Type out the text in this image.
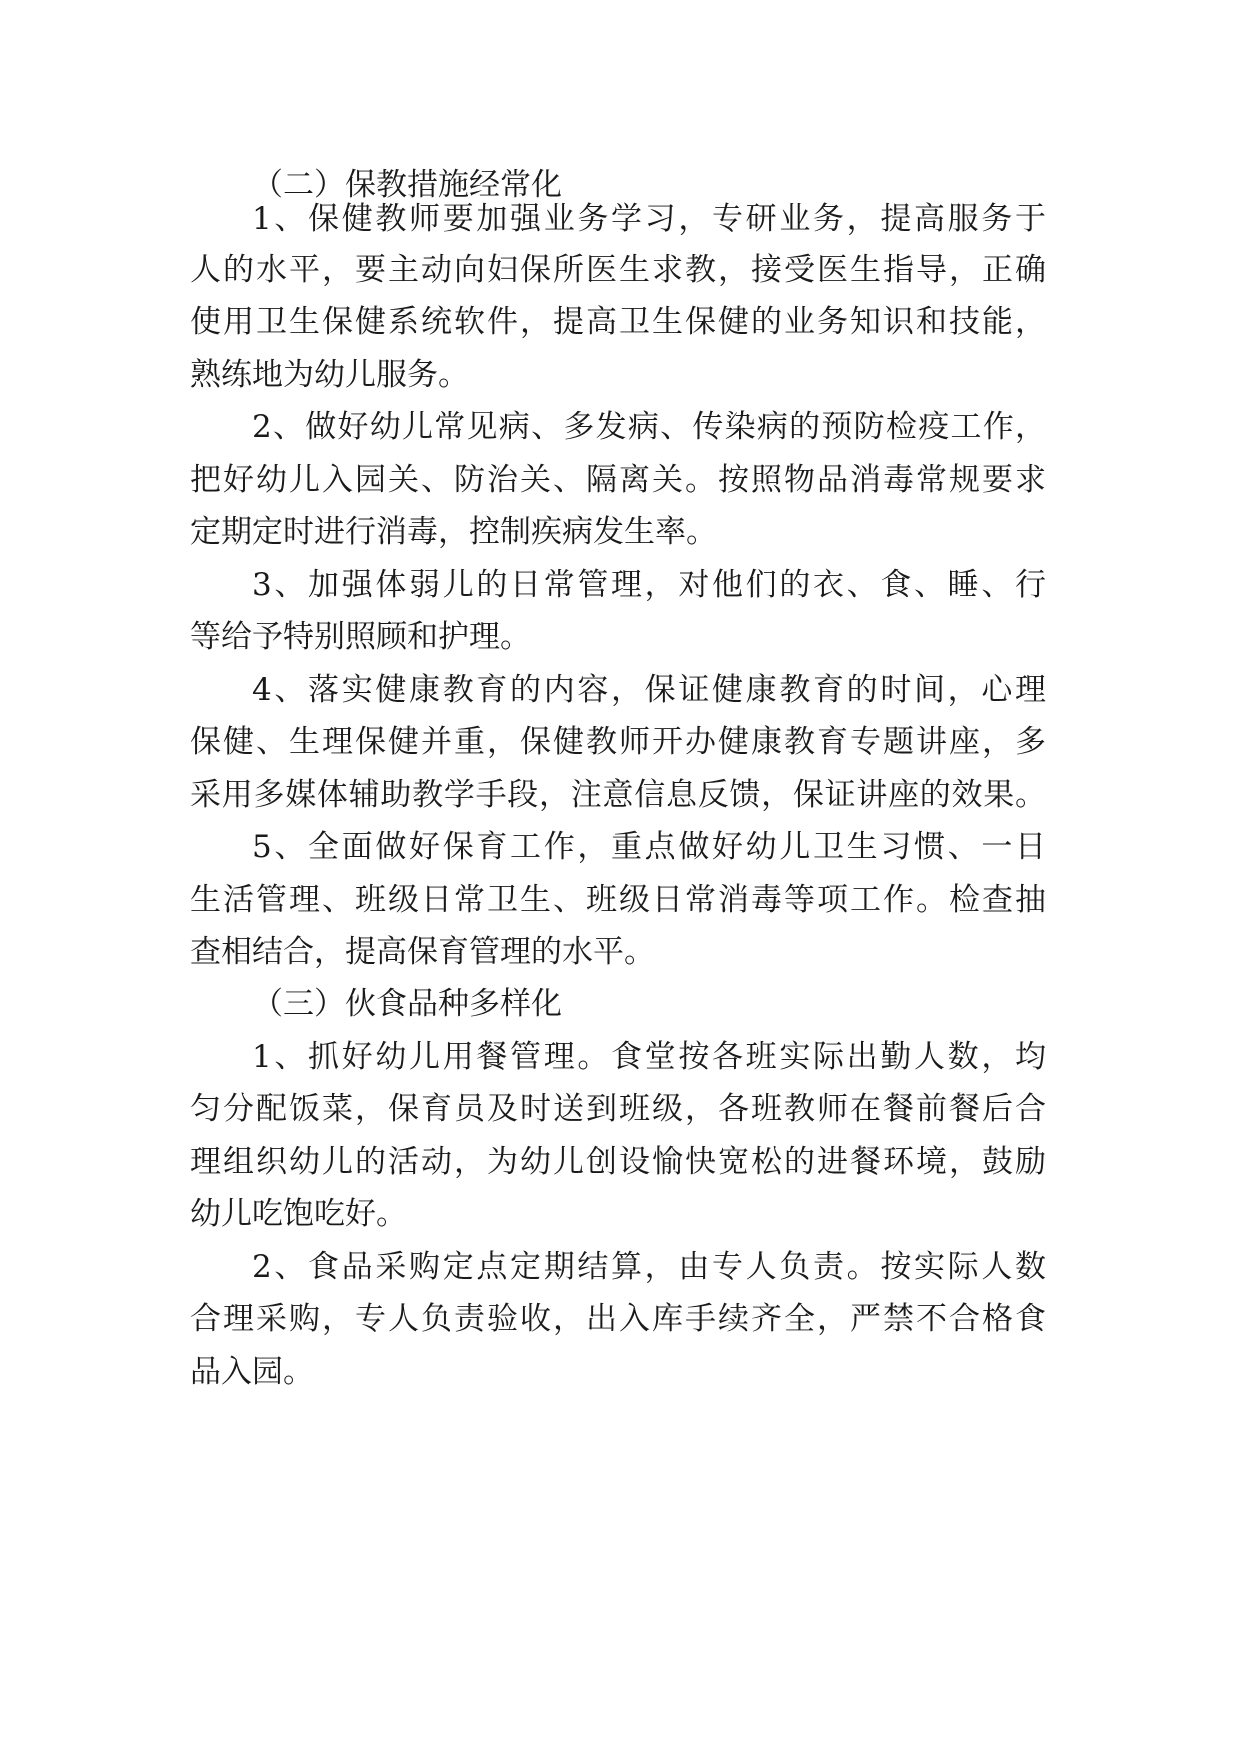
（二）保教措施经常化

1、保健教师要加强业务学习，专研业务，提高服务于

人的水平，要主动向妇保所医生求教，接受医生指导，正确

使用卫生保健系统软件，提高卫生保健的业务知识和技能，

熟练地为幼儿服务。

2、做好幼儿常见病、多发病、传染病的预防检疫工作，

把好幼儿入园关、防治关、隔离关。按照物品消毒常规要求

定期定时进行消毒，控制疾病发生率。

3、加强体弱儿的日常管理，对他们的衣、食、睡、行

等给予特别照顾和护理。

4、落实健康教育的内容，保证健康教育的时间，心理

保健、生理保健并重，保健教师开办健康教育专题讲座，多

采用多媒体辅助教学手段，注意信息反馈，保证讲座的效果。

5、全面做好保育工作，重点做好幼儿卫生习惯、一日

生活管理、班级日常卫生、班级日常消毒等项工作。检查抽

查相结合，提高保育管理的水平。

（三）伙食品种多样化

1、抓好幼儿用餐管理。食堂按各班实际出勤人数，均

匀分配饭菜，保育员及时送到班级，各班教师在餐前餐后合

理组织幼儿的活动，为幼儿创设愉快宽松的进餐环境，鼓励

幼儿吃饱吃好。

2、食品采购定点定期结算，由专人负责。按实际人数

合理采购，专人负责验收，出入库手续齐全，严禁不合格食

品入园。
